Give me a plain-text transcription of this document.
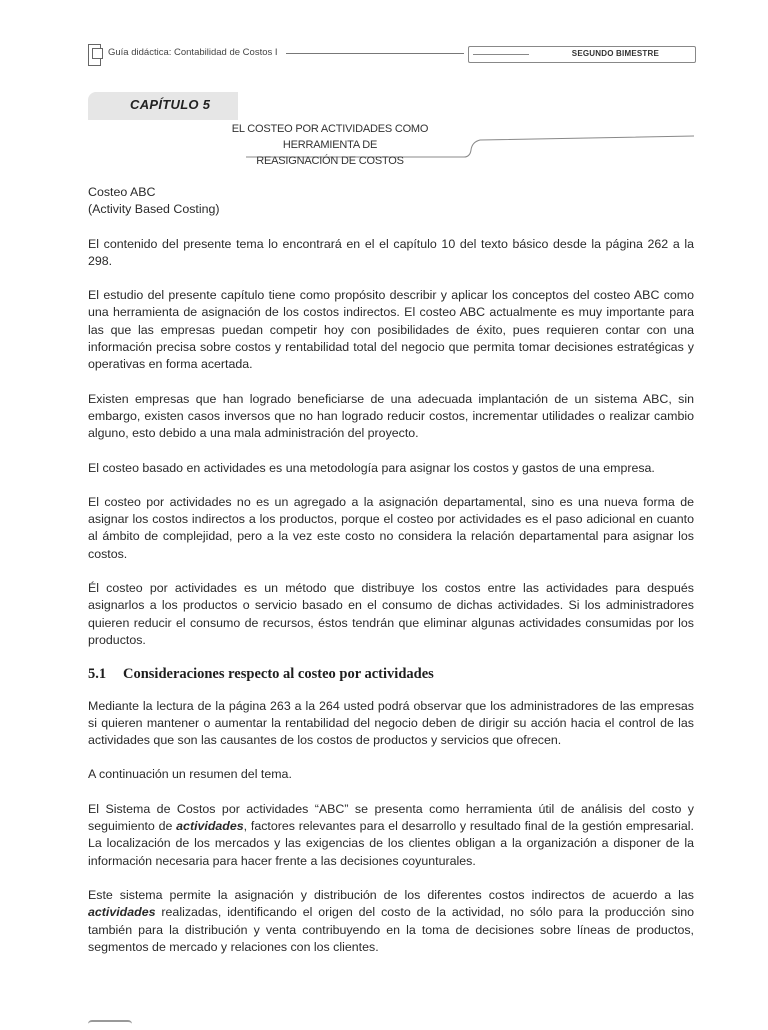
Guía didáctica: Contabilidad de Costos I	SEGUNDO BIMESTRE
CAPÍTULO 5
EL COSTEO POR ACTIVIDADES COMO HERRAMIENTA DE
REASIGNACIÓN DE COSTOS

Costeo ABC
(Activity Based Costing)

El contenido del presente tema lo encontrará en el el capítulo 10 del texto básico desde la página 262 a la 298.

El estudio del presente capítulo tiene como propósito describir y aplicar los conceptos del costeo ABC como una herramienta de asignación de los costos indirectos. El costeo ABC actualmente es muy importante para las que las empresas puedan competir hoy con posibilidades de éxito, pues requieren contar con una información precisa sobre costos y rentabilidad total del negocio que permita tomar decisiones estratégicas y operativas en forma acertada.

Existen empresas que han logrado beneficiarse de una adecuada implantación de un sistema ABC, sin embargo, existen casos inversos que no han logrado reducir costos, incrementar utilidades o realizar cambio alguno, esto debido a una mala administración del proyecto.

El costeo basado en actividades es una metodología para asignar los costos y gastos de una empresa.

El costeo por actividades no es un agregado a la asignación departamental, sino es una nueva forma de asignar los costos indirectos a los productos, porque el costeo por actividades es el paso adicional en cuanto al ámbito de complejidad, pero a la vez este costo no considera la relación departamental para asignar los costos.

Él costeo por actividades es un método que distribuye los costos entre las actividades para después asignarlos a los productos o servicio basado en el consumo de dichas actividades. Si los administradores quieren reducir el consumo de recursos, éstos tendrán que eliminar algunas actividades consumidas por los productos.

5.1 Consideraciones respecto al costeo por actividades

Mediante la lectura de la página 263 a la 264 usted podrá observar que los administradores de las empresas si quieren mantener o aumentar la rentabilidad del negocio deben de dirigir su acción hacia el control de las actividades que son las causantes de los costos de productos y servicios que ofrecen.

A continuación un resumen del tema.

El Sistema de Costos por actividades “ABC” se presenta como herramienta útil de análisis del costo y seguimiento de actividades, factores relevantes para el desarrollo y resultado final de la gestión empresarial. La localización de los mercados y las exigencias de los clientes obligan a la organización a disponer de la información necesaria para hacer frente a las decisiones coyunturales.

Este sistema permite la asignación y distribución de los diferentes costos indirectos de acuerdo a las actividades realizadas, identificando el origen del costo de la actividad, no sólo para la producción sino también para la distribución y venta contribuyendo en la toma de decisiones sobre líneas de productos, segmentos de mercado y relaciones con los clientes.
